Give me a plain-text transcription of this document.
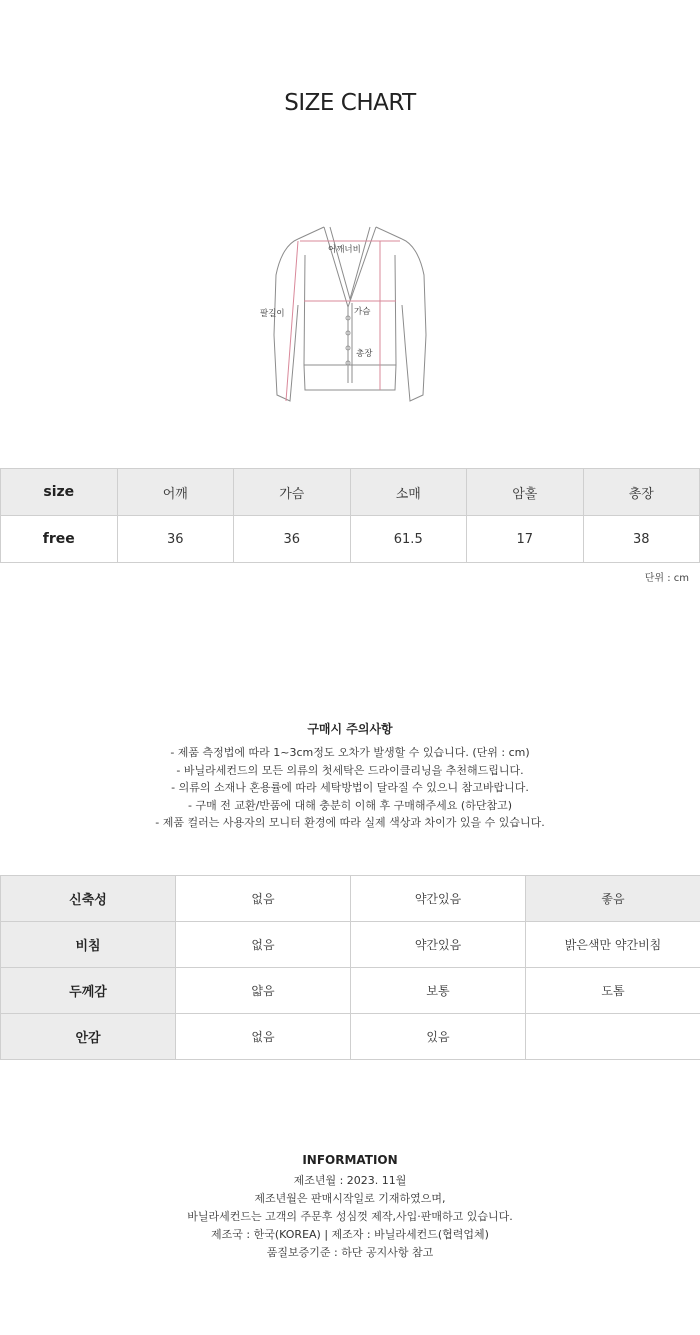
SIZE CHART
어깨너비
팔길이	가슴
총장
size	어깨	가슴	소매	암홀	총장
free	36	36	61.5	17	38
단위 : cm
구매시 주의사항
- 제품 측정법에 따라 1~3cm정도 오차가 발생할 수 있습니다. (단위 : cm)
- 바닐라세컨드의 모든 의류의 첫세탁은 드라이클리닝을 추천해드립니다.
- 의류의 소재나 혼용률에 따라 세탁방법이 달라질 수 있으니 참고바랍니다.
- 구매 전 교환/반품에 대해 충분히 이해 후 구매해주세요 (하단참고)
- 제품 컬러는 사용자의 모니터 환경에 따라 실제 색상과 차이가 있을 수 있습니다.
신축성	없음	약간있음	좋음
비침	없음	약간있음	밝은색만 약간비침
두께감	얇음	보통	도톰
안감	없음	있음	
INFORMATION
제조년월 : 2023. 11월
제조년월은 판매시작일로 기재하였으며,
바닐라세컨드는 고객의 주문후 성심껏 제작,사입·판매하고 있습니다.
제조국 : 한국(KOREA) | 제조자 : 바닐라세컨드(협력업체)
품질보증기준 : 하단 공지사항 참고
